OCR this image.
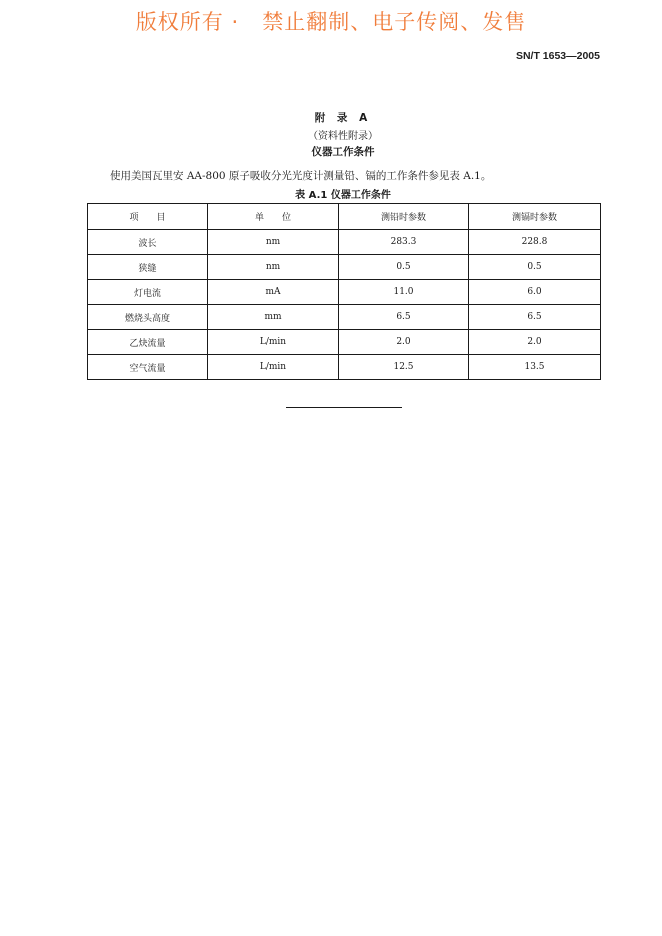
版权所有 ·   禁止翻制、电子传阅、发售
SN/T 1653—2005
附 录 A
（资料性附录）
仪器工作条件
使用美国瓦里安 AA-800 原子吸收分光光度计测量铅、镉的工作条件参见表 A.1。
表 A.1 仪器工作条件
项　　目	单　　位	测铅时参数	测镉时参数
波长	nm	283.3	228.8
狭缝	nm	0.5	0.5
灯电流	mA	11.0	6.0
燃烧头高度	mm	6.5	6.5
乙炔流量	L/min	2.0	2.0
空气流量	L/min	12.5	13.5
